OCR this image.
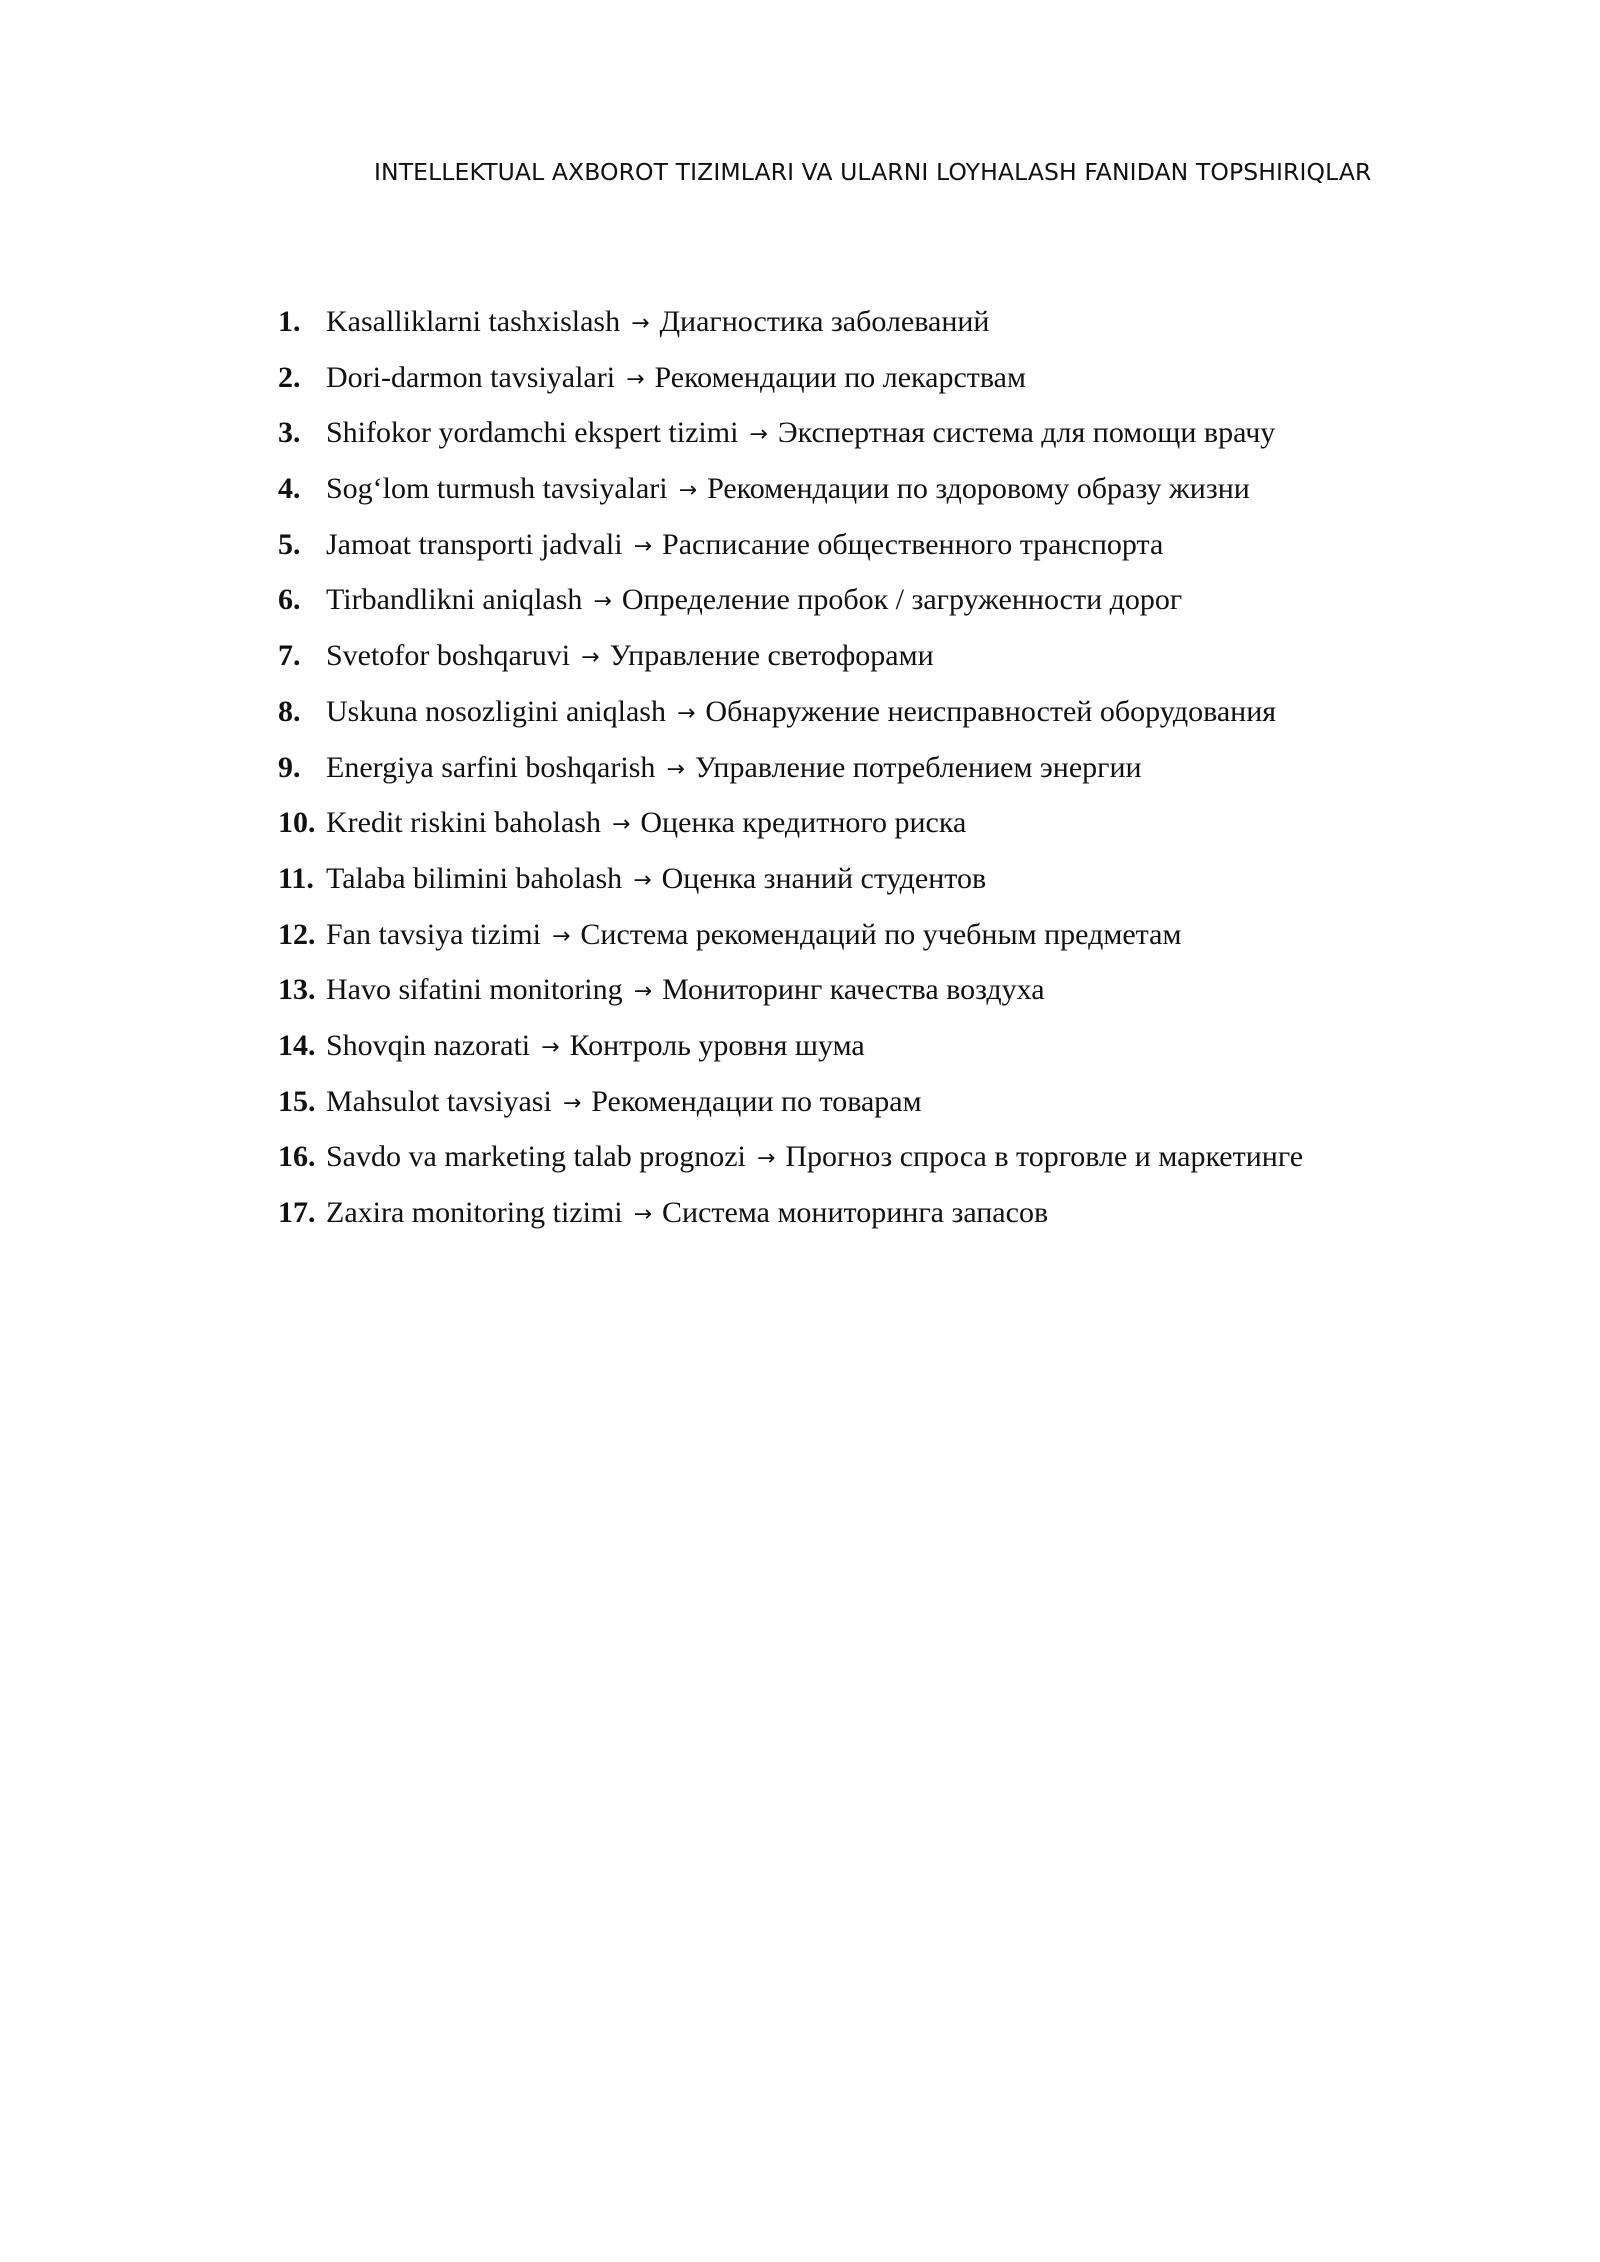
INTELLEKTUAL AXBOROT TIZIMLARI VA ULARNI LOYHALASH FANIDAN TOPSHIRIQLAR
1. Kasalliklarni tashxislash → Диагностика заболеваний
2. Dori-darmon tavsiyalari → Рекомендации по лекарствам
3. Shifokor yordamchi ekspert tizimi → Экспертная система для помощи врачу
4. Sog‘lom turmush tavsiyalari → Рекомендации по здоровому образу жизни
5. Jamoat transporti jadvali → Расписание общественного транспорта
6. Tirbandlikni aniqlash → Определение пробок / загруженности дорог
7. Svetofor boshqaruvi → Управление светофорами
8. Uskuna nosozligini aniqlash → Обнаружение неисправностей оборудования
9. Energiya sarfini boshqarish → Управление потреблением энергии
10. Kredit riskini baholash → Оценка кредитного риска
11. Talaba bilimini baholash → Оценка знаний студентов
12. Fan tavsiya tizimi → Система рекомендаций по учебным предметам
13. Havo sifatini monitoring → Мониторинг качества воздуха
14. Shovqin nazorati → Контроль уровня шума
15. Mahsulot tavsiyasi → Рекомендации по товарам
16. Savdo va marketing talab prognozi → Прогноз спроса в торговле и маркетинге
17. Zaxira monitoring tizimi → Система мониторинга запасов
